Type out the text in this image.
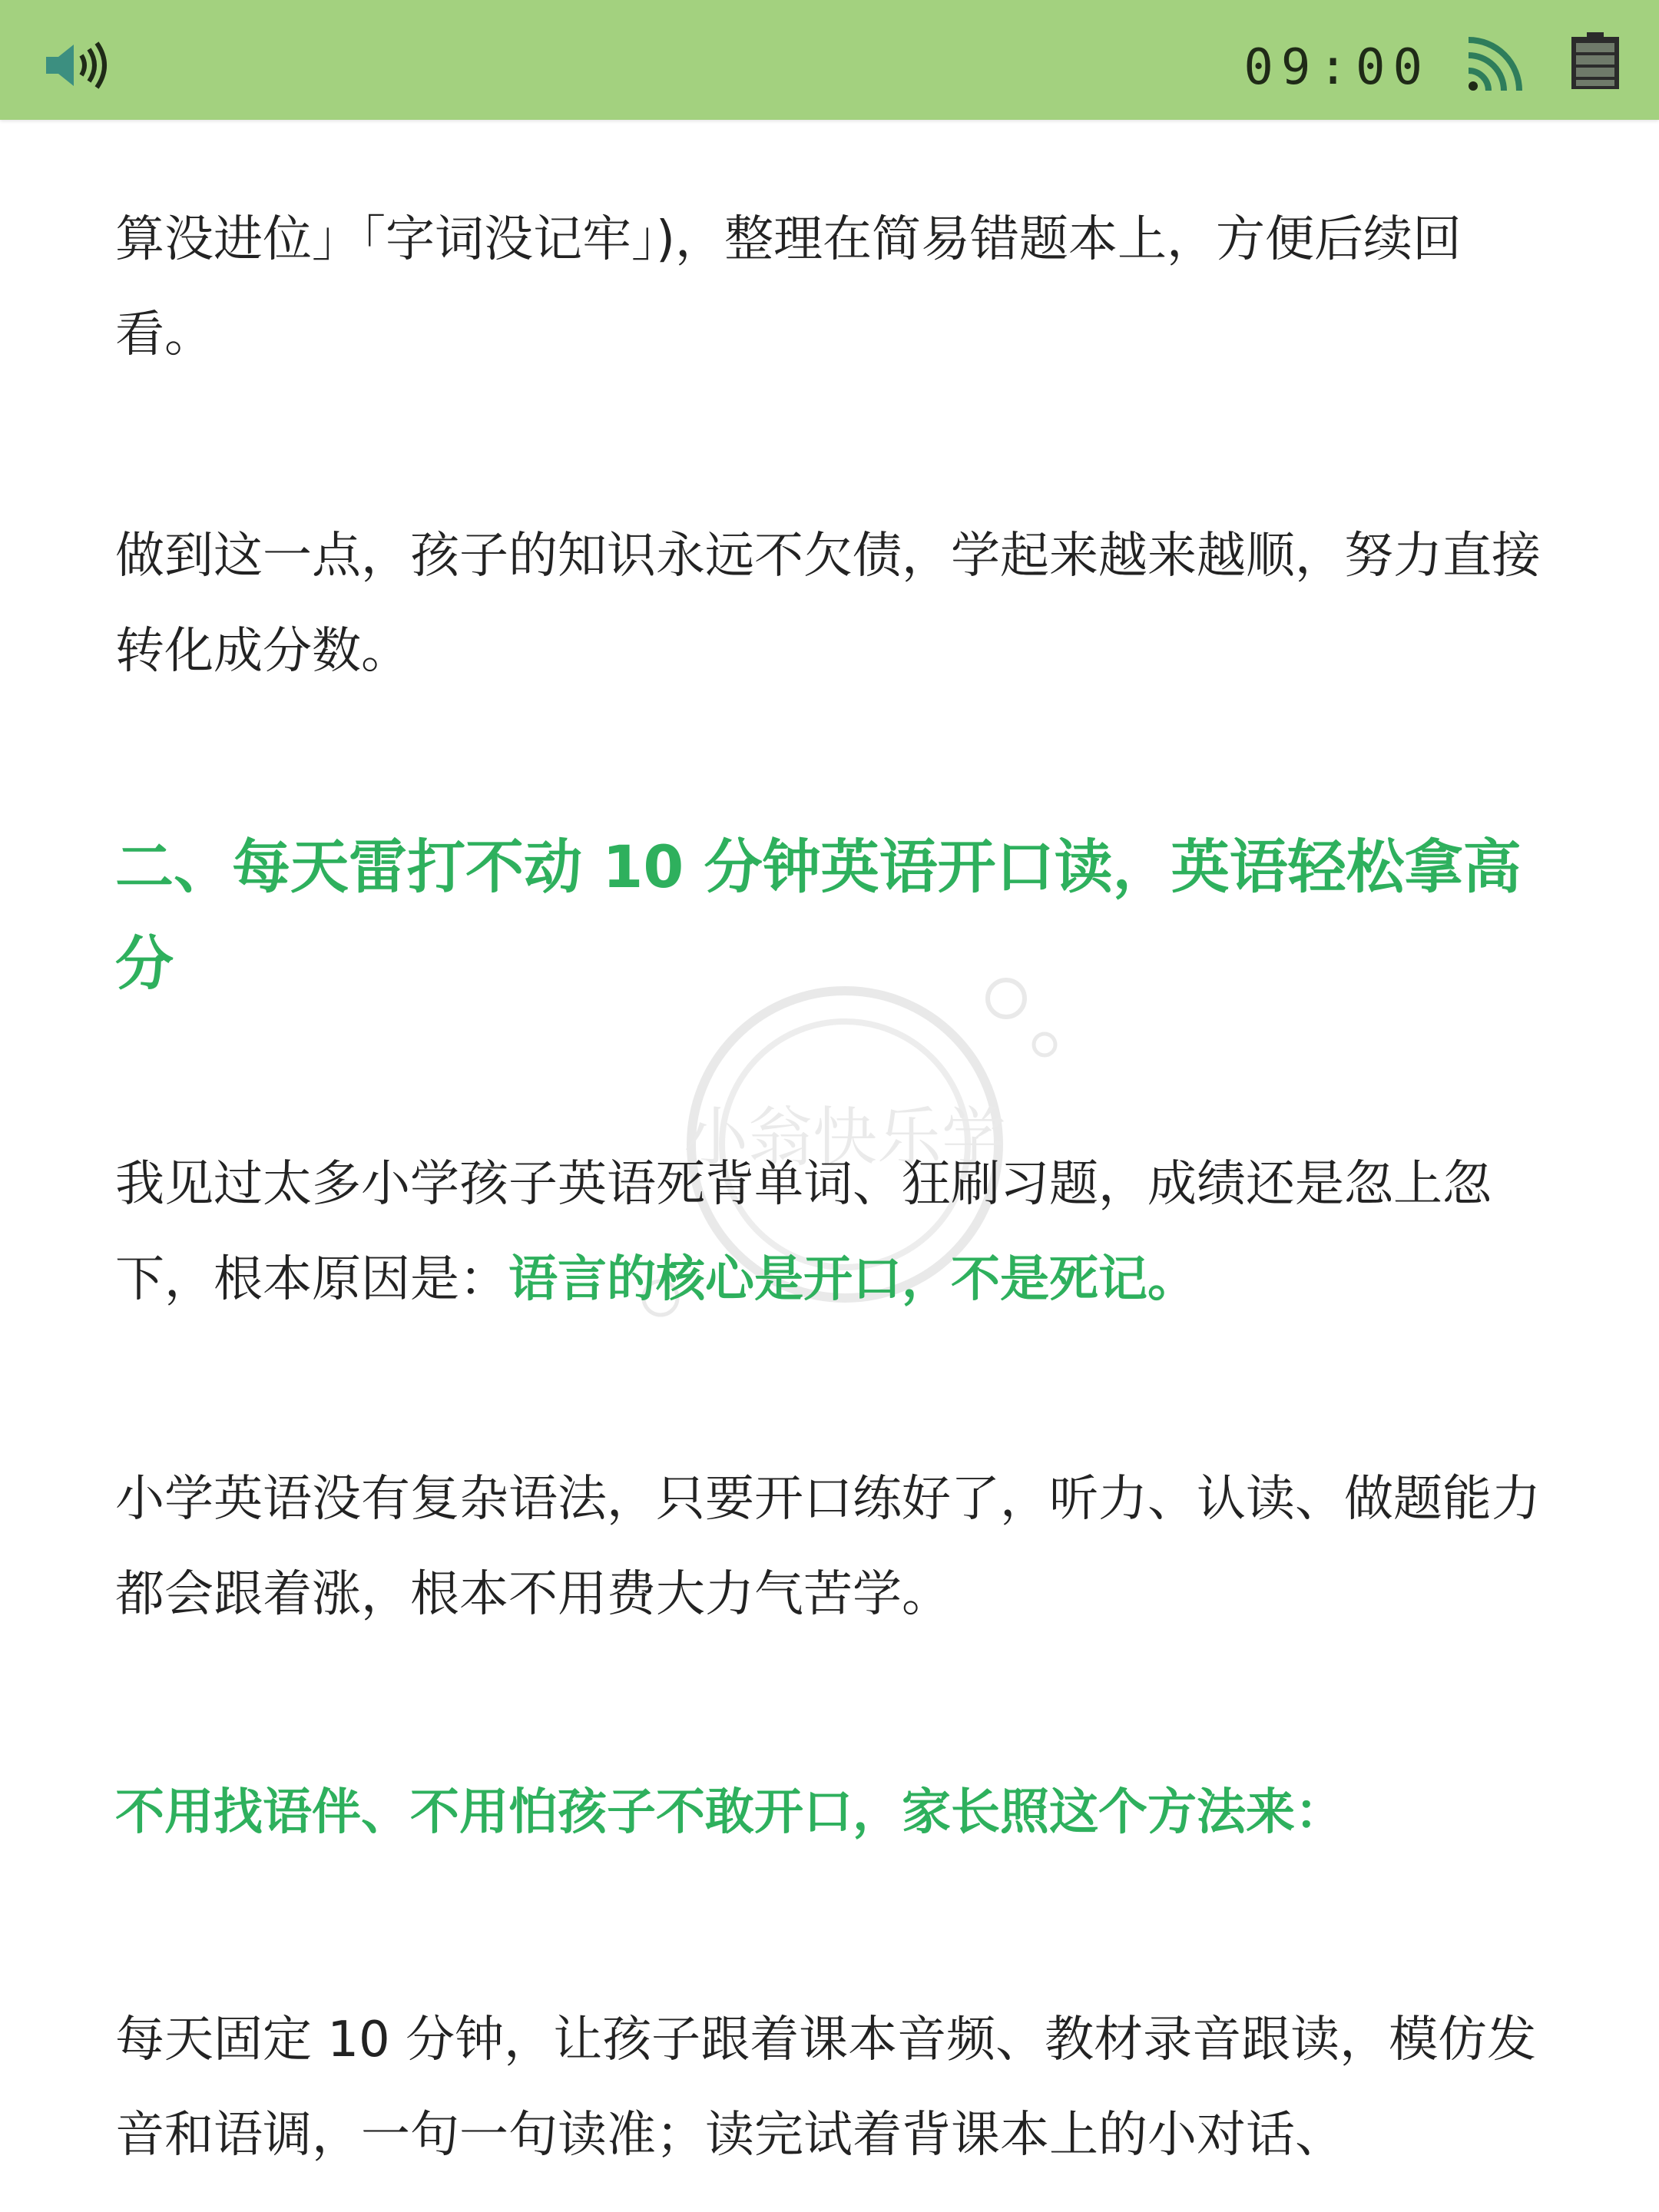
09:00
小翁快乐学

算没进位」「字词没记牢」)，整理在简易错题本上，方便后续回看。

做到这一点，孩子的知识永远不欠债，学起来越来越顺，努力直接转化成分数。

二、每天雷打不动 10 分钟英语开口读，英语轻松拿高分

我见过太多小学孩子英语死背单词、狂刷习题，成绩还是忽上忽下，根本原因是：语言的核心是开口，不是死记。

小学英语没有复杂语法，只要开口练好了，听力、认读、做题能力都会跟着涨，根本不用费大力气苦学。

不用找语伴、不用怕孩子不敢开口，家长照这个方法来：

每天固定 10 分钟，让孩子跟着课本音频、教材录音跟读，模仿发音和语调，一句一句读准；读完试着背课本上的小对话、
